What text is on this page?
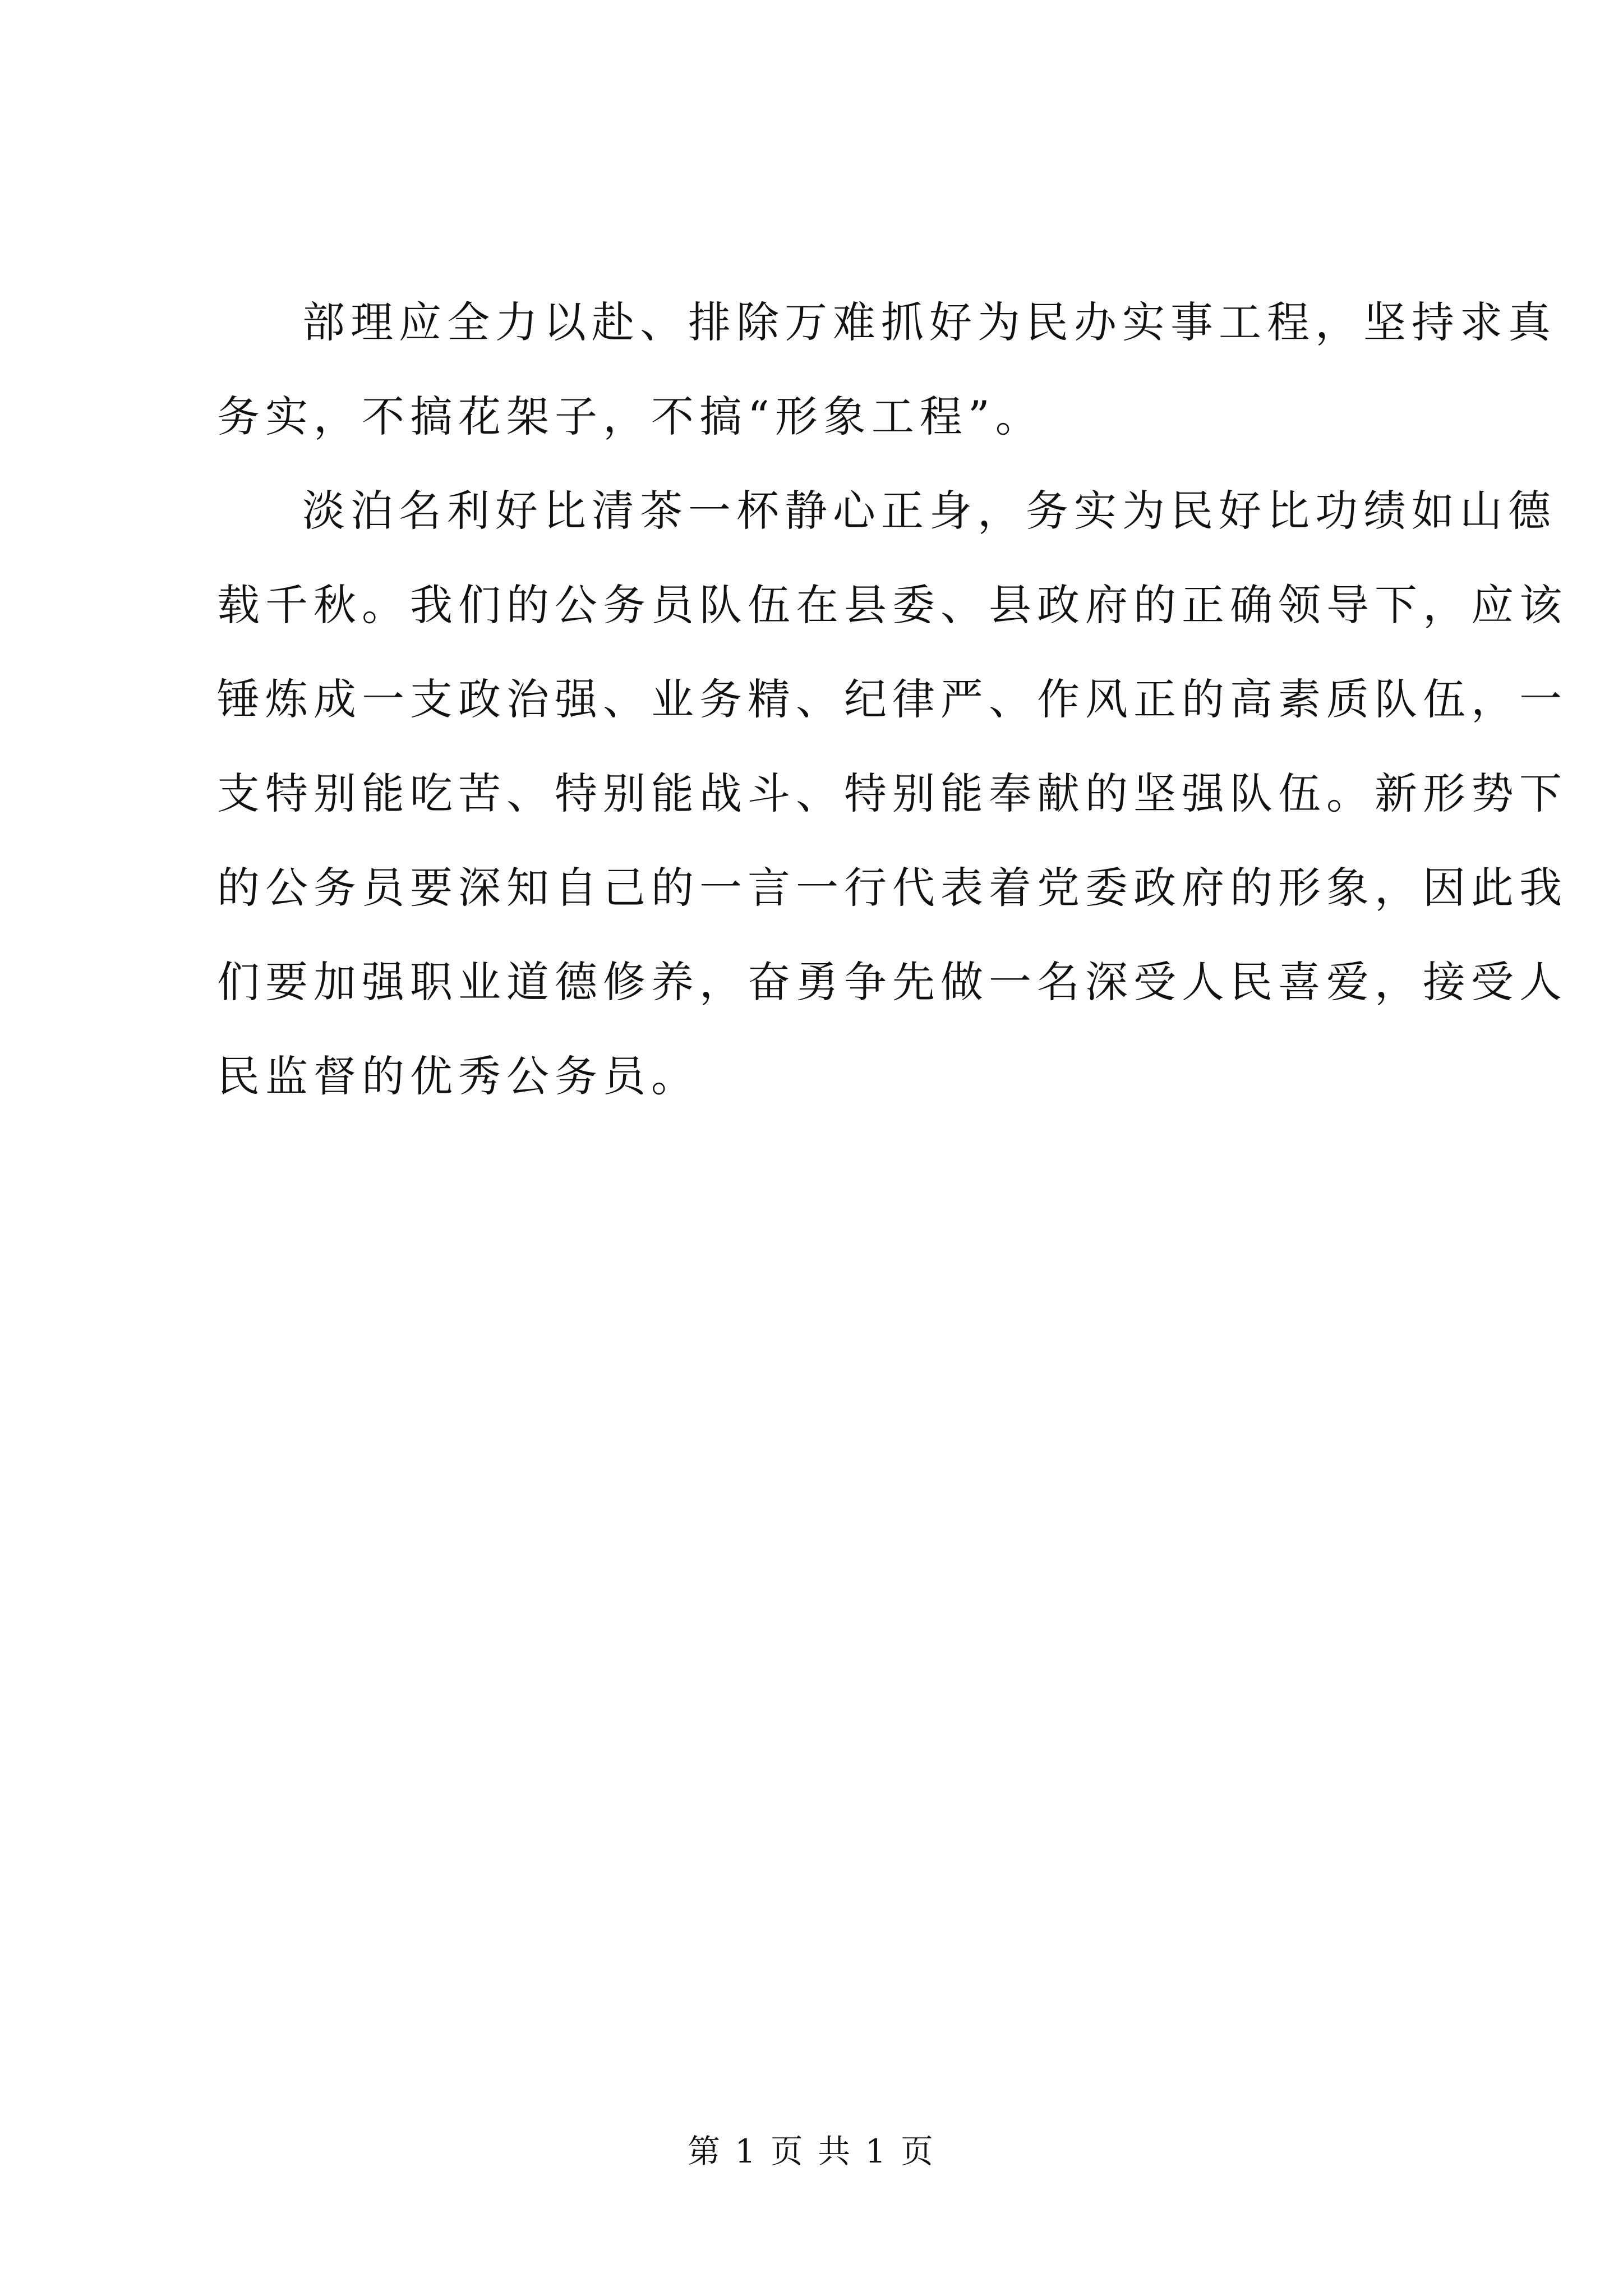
部理应全力以赴、排除万难抓好为民办实事工程，坚持求真
务实，不搞花架子，不搞“形象工程”。
淡泊名利好比清茶一杯静心正身，务实为民好比功绩如山德
载千秋。我们的公务员队伍在县委、县政府的正确领导下，应该
锤炼成一支政治强、业务精、纪律严、作风正的高素质队伍，一
支特别能吃苦、特别能战斗、特别能奉献的坚强队伍。新形势下
的公务员要深知自己的一言一行代表着党委政府的形象，因此我
们要加强职业道德修养，奋勇争先做一名深受人民喜爱，接受人
民监督的优秀公务员。
第 1 页 共 1 页
